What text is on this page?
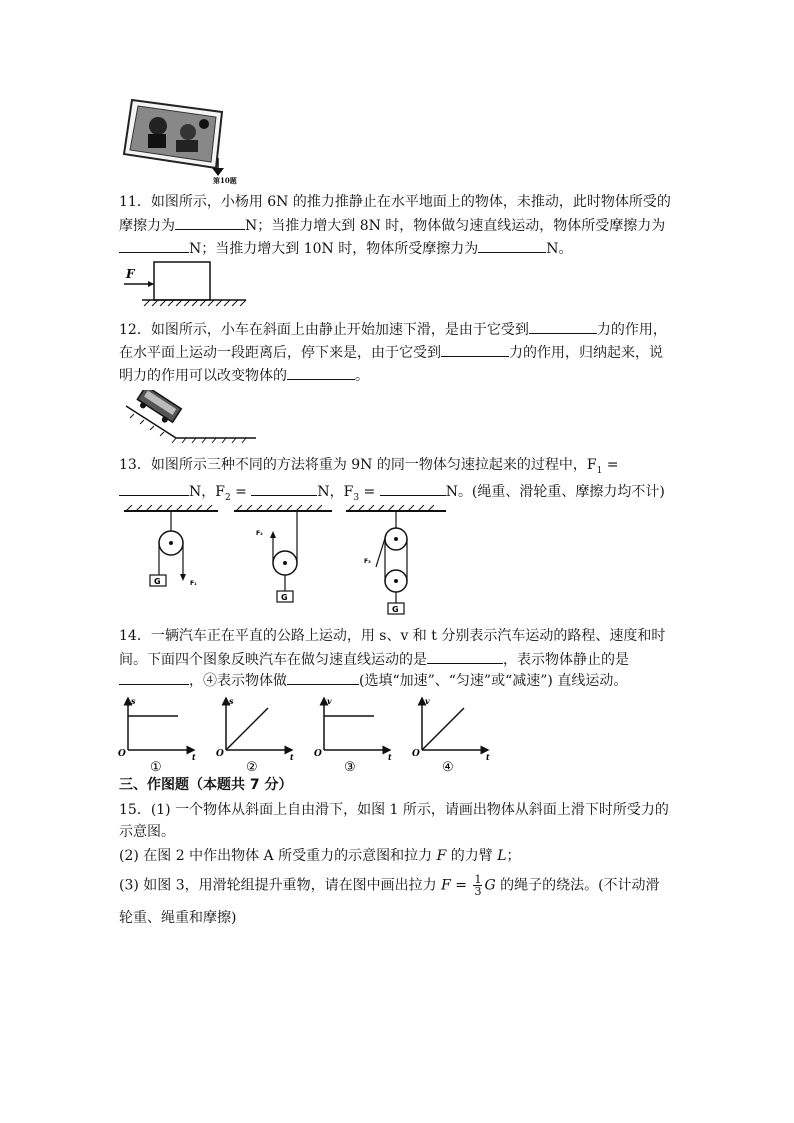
第10题
11．如图所示，小杨用 6N 的推力推静止在水平地面上的物体，未推动，此时物体所受的
摩擦力为	N；当推力增大到 8N 时，物体做匀速直线运动，物体所受摩擦力为
N；当推力增大到 10N 时，物体所受摩擦力为	N。
F
12．如图所示，小车在斜面上由静止开始加速下滑，是由于它受到	力的作用，
在水平面上运动一段距离后，停下来是，由于它受到	力的作用，归纳起来，说
明力的作用可以改变物体的	。
13．如图所示三种不同的方法将重为 9N 的同一物体匀速拉起来的过程中，$F_1$ =
N，$F_2$ =	N，$F_3$ =	N。(绳重、滑轮重、摩擦力均不计)
G	F₁
G
F₂
G
F₃
14．一辆汽车正在平直的公路上运动，用 s、v 和 t 分别表示汽车运动的路程、速度和时
间。下面四个图象反映汽车在做匀速直线运动的是	，表示物体静止的是
，④表示物体做	(选填“加速”、“匀速”或“减速”) 直线运动。
O
s
t
①
O
s
t
②
O
v
t
③
O
v
t
④
三、作图题（本题共 7 分）
15．(1) 一个物体从斜面上自由滑下，如图 1 所示，请画出物体从斜面上滑下时所受力的
示意图。
(2) 在图 2 中作出物体 A 所受重力的示意图和拉力 F 的力臂 L；
(3) 如图 3，用滑轮组提升重物，请在图中画出拉力 $F = \frac{1}{3}$ G 的绳子的绕法。(不计动滑
轮重、绳重和摩擦)
